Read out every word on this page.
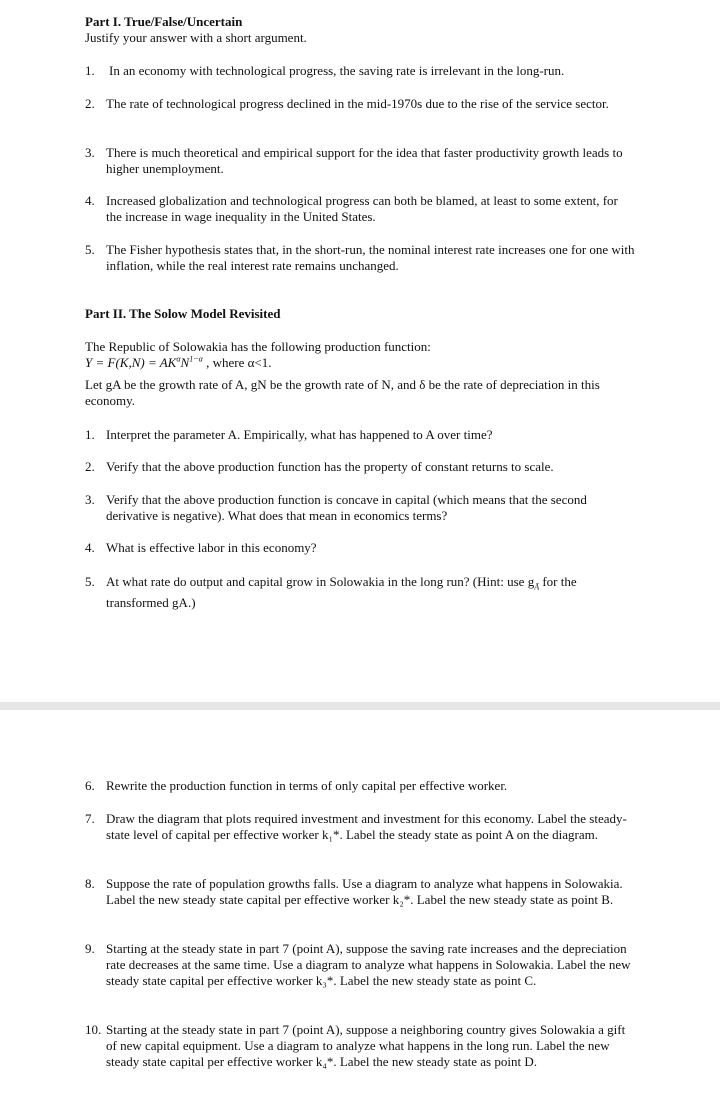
Part I. True/False/Uncertain
Justify your answer with a short argument.
1. In an economy with technological progress, the saving rate is irrelevant in the long-run.
2. The rate of technological progress declined in the mid-1970s due to the rise of the service sector.
3. There is much theoretical and empirical support for the idea that faster productivity growth leads to higher unemployment.
4. Increased globalization and technological progress can both be blamed, at least to some extent, for the increase in wage inequality in the United States.
5. The Fisher hypothesis states that, in the short-run, the nominal interest rate increases one for one with inflation, while the real interest rate remains unchanged.
Part II. The Solow Model Revisited
The Republic of Solowakia has the following production function:
$Y = F(K,N) = AK^\alpha N^{1-\alpha}$ , where α<1.
Let gA be the growth rate of A, gN be the growth rate of N, and δ be the rate of depreciation in this economy.
1. Interpret the parameter A. Empirically, what has happened to A over time?
2. Verify that the above production function has the property of constant returns to scale.
3. Verify that the above production function is concave in capital (which means that the second derivative is negative). What does that mean in economics terms?
4. What is effective labor in this economy?
5. At what rate do output and capital grow in Solowakia in the long run? (Hint: use $g_Ā$ for the
transformed gA.)
6. Rewrite the production function in terms of only capital per effective worker.
7. Draw the diagram that plots required investment and investment for this economy. Label the steady-state level of capital per effective worker k₁*. Label the steady state as point A on the diagram.
8. Suppose the rate of population growths falls. Use a diagram to analyze what happens in Solowakia. Label the new steady state capital per effective worker k₂*. Label the new steady state as point B.
9. Starting at the steady state in part 7 (point A), suppose the saving rate increases and the depreciation rate decreases at the same time. Use a diagram to analyze what happens in Solowakia. Label the new steady state capital per effective worker k₃*. Label the new steady state as point C.
10. Starting at the steady state in part 7 (point A), suppose a neighboring country gives Solowakia a gift of new capital equipment. Use a diagram to analyze what happens in the long run. Label the new steady state capital per effective worker k₄*. Label the new steady state as point D.
